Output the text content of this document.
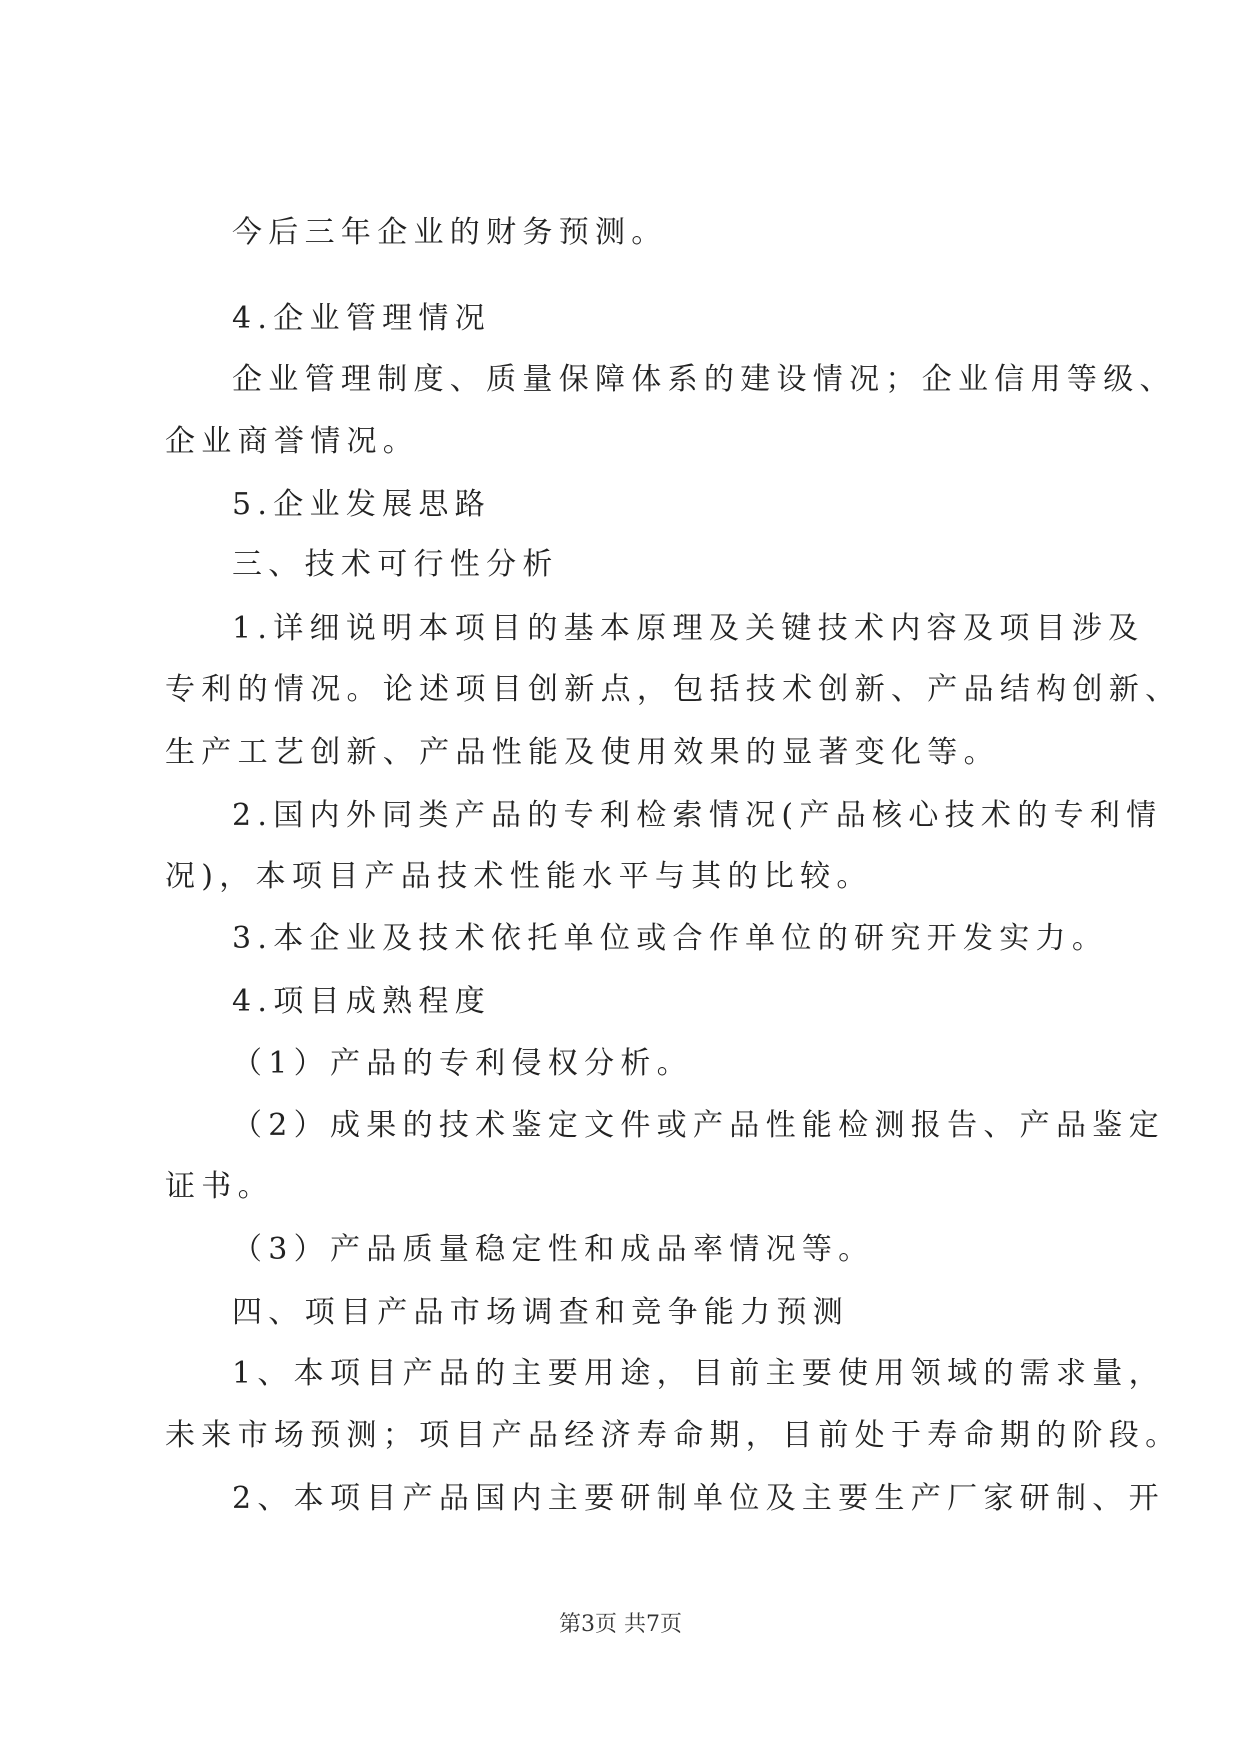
今后三年企业的财务预测。
4.企业管理情况
企业管理制度、质量保障体系的建设情况；企业信用等级、
企业商誉情况。
5.企业发展思路
三、技术可行性分析
1.详细说明本项目的基本原理及关键技术内容及项目涉及
专利的情况。论述项目创新点，包括技术创新、产品结构创新、
生产工艺创新、产品性能及使用效果的显著变化等。
2.国内外同类产品的专利检索情况(产品核心技术的专利情
况)，本项目产品技术性能水平与其的比较。
3.本企业及技术依托单位或合作单位的研究开发实力。
4.项目成熟程度
（1）产品的专利侵权分析。
（2）成果的技术鉴定文件或产品性能检测报告、产品鉴定
证书。
（3）产品质量稳定性和成品率情况等。
四、项目产品市场调查和竞争能力预测
1、本项目产品的主要用途，目前主要使用领域的需求量，
未来市场预测；项目产品经济寿命期，目前处于寿命期的阶段。
2、本项目产品国内主要研制单位及主要生产厂家研制、开
第3页 共7页
